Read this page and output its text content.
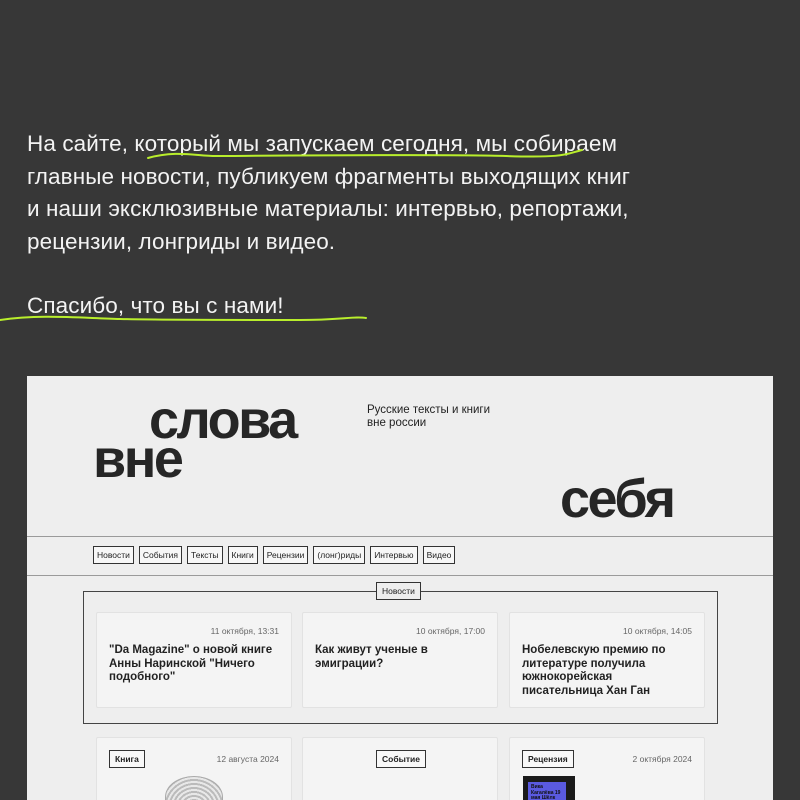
На сайте, который мы запускаем сегодня, мы собираем

главные новости, публикуем фрагменты выходящих книг

и наши эксклюзивные материалы: интервью, репортажи,

рецензии, лонгриды и видео.

Спасибо, что вы с нами!

слова
вне
себя
Русские тексты и книги
вне россии
Новости	События	Тексты	Книги	Рецензии	(лонг)риды	Интервью	Видео
Новости
11 октября, 13:31
"Da Magazine" о новой книге Анны Наринской "Ничего подобного"
10 октября, 17:00
Как живут ученые в эмиграции?
10 октября, 14:05
Нобелевскую премию по литературе получила южнокорейская писательница Хан Ган
Книга	12 августа 2024	Событие	Рецензия	2 октября 2024
Вика Кагалёва 19 мая Шёлк
